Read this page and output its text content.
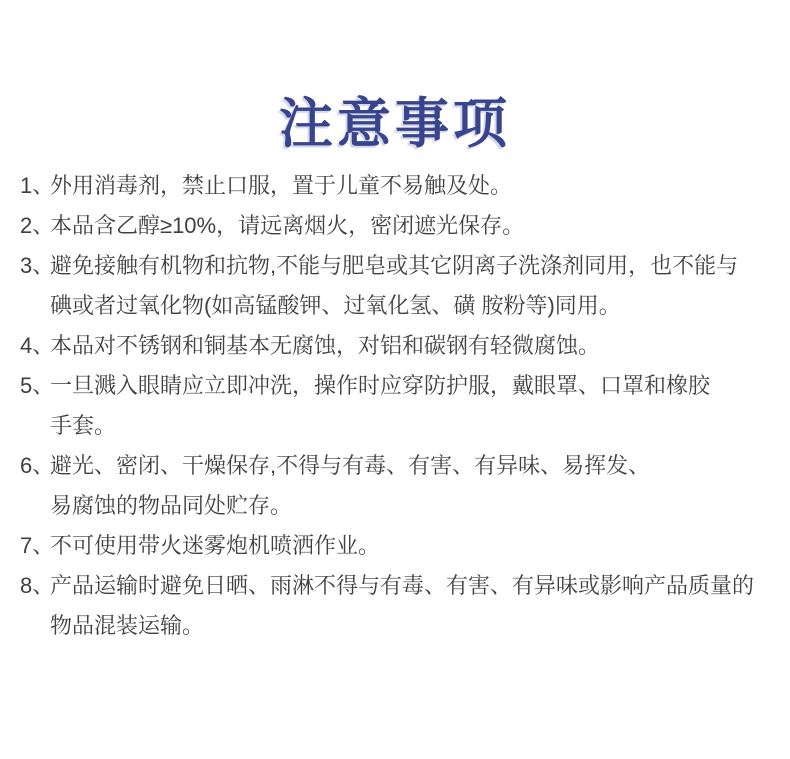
注意事项
1、
外用消毒剂，禁止口服，置于儿童不易触及处。
2、
本品含乙醇≥10%，请远离烟火，密闭遮光保存。
3、
避免接触有机物和抗物,不能与肥皂或其它阴离子洗涤剂同用，也不能与
碘或者过氧化物(如高锰酸钾、过氧化氢、磺 胺粉等)同用。
4、
本品对不锈钢和铜基本无腐蚀，对铝和碳钢有轻微腐蚀。
5、
一旦溅入眼睛应立即冲洗，操作时应穿防护服，戴眼罩、口罩和橡胶
手套。
6、
避光、密闭、干燥保存,不得与有毒、有害、有异味、易挥发、
易腐蚀的物品同处贮存。
7、
不可使用带火迷雾炮机喷洒作业。
8、
产品运输时避免日晒、雨淋不得与有毒、有害、有异味或影响产品质量的
物品混装运输。
